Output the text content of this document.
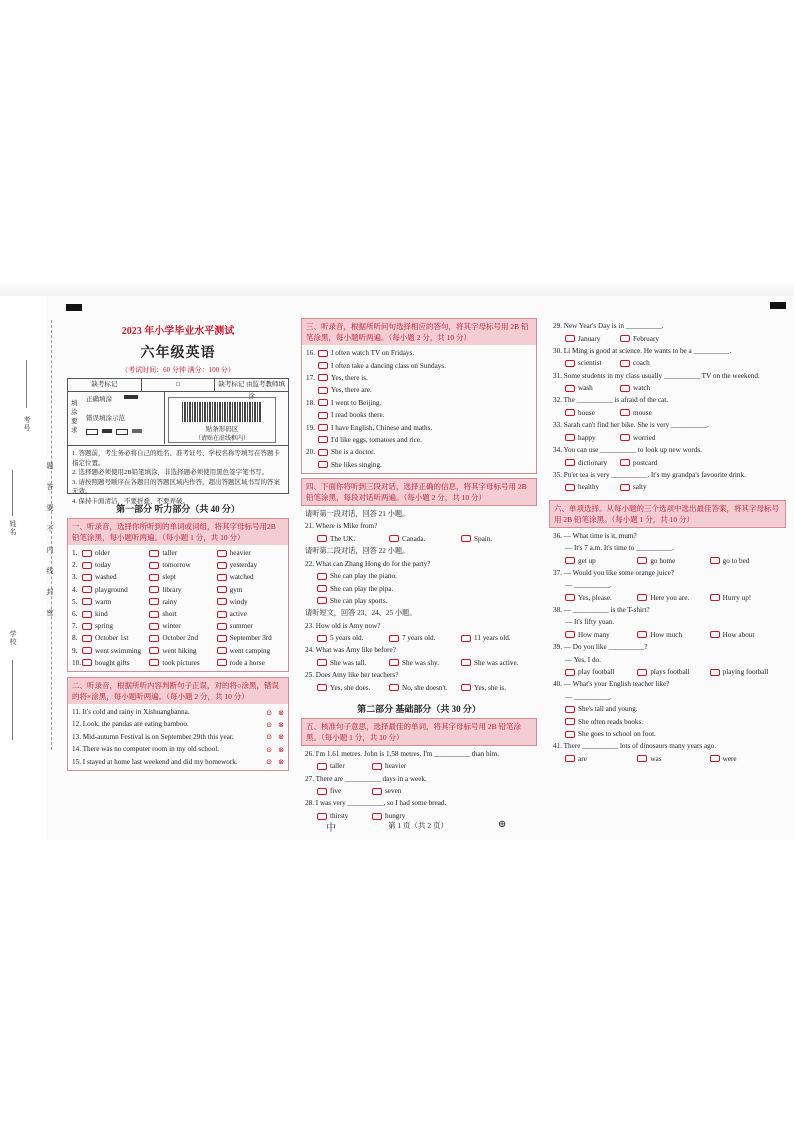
考号
姓名
学校
题答要不内线封密
2023 年小学毕业水平测试
六年级英语
（考试时间：60 分钟 满分：100 分）
缺考标记	□	缺考标记 由监考教师填涂
填涂要求
正确填涂
错误填涂示范
贴条形码区
（请贴在虚线框内）
1. 答题前，考生务必将自己的姓名、准考证号、学校名称等填写在答题卡指定位置。
2. 选择题必须使用2B铅笔填涂，非选择题必须使用黑色签字笔书写。
3. 请按照题号顺序在各题目的答题区域内作答，超出答题区域书写的答案无效。
4. 保持卡面清洁，不要折叠、不要弄破。
第一部分 听力部分（共 40 分）
一、听录音，选择你所听到的单词或词组，将其字母标号用2B 铅笔涂黑，每小题听两遍。（每小题 1 分，共 10 分）
1.	older	taller	heavier
2.	today	tomorrow	yesterday
3.	washed	slept	watched
4.	playground	library	gym
5.	warm	rainy	windy
6.	kind	short	active
7.	spring	winter	summer
8.	October 1st	October 2nd	September 3rd
9.	went swimming	went hiking	went camping
10. bought gifts	took pictures	rode a horse
二、听录音，根据所听内容判断句子正误，对的将○涂黑，错误的将×涂黑，每小题听两遍。（每小题 2 分，共 10 分）
11. It's cold and rainy in Xishuangbanna.	⊙ ⊗
12. Look, the pandas are eating bamboo.	⊙ ⊗
13. Mid-autumn Festival is on September 29th this year.	⊙ ⊗
14. There was no computer room in my old school.	⊙ ⊗
15. I stayed at home last weekend and did my homework.	⊙ ⊗
三、听录音，根据所听问句选择相应的答句，将其字母标号用 2B 铅笔涂黑，每小题听两遍。（每小题 2 分，共 10 分）
16.	I often watch TV on Fridays.
I often take a dancing class on Sundays.
17.	Yes, there is.
Yes, there are.
18.	I went to Beijing.
I read books there.
19.	I have English, Chinese and maths.
I'd like eggs, tomatoes and rice.
20.	She is a doctor.
She likes singing.
四、下面你将听到三段对话，选择正确的信息，将其字母标号用 2B 铅笔涂黑，每段对话听两遍。（每小题 2 分，共 10 分）
请听第一段对话，回答 21 小题。
21. Where is Mike from?
The UK.	Canada.	Spain.
请听第二段对话，回答 22 小题。
22. What can Zhang Hong do for the party?
She can play the piano.
She can play the pipa.
She can play sports.
请听短文，回答 23、24、25 小题。
23. How old is Amy now?
5 years old.	7 years old.	11 years old.
24. What was Amy like before?
She was tall.	She was shy.	She was active.
25. Does Amy like her teachers?
Yes, she does.	No, she doesn't.	Yes, she is.
第二部分 基础部分（共 30 分）
五、核准句子意思，选择最佳的单词，将其字母标号用 2B 铅笔涂黑。（每小题 1 分，共 10 分）
26. I'm 1.61 metres. John is 1.58 metres. I'm __________ than him.
taller	heavier
27. There are __________ days in a week.
five	seven
28. I was very __________, so I had some bread.
thirsty	hungry
中	第 1 页（共 2 页）	⊕
29. New Year's Day is in __________.
January	February
30. Li Ming is good at science. He wants to be a __________.
scientist	coach
31. Some students in my class usually __________ TV on the weekend.
wash	watch
32. The __________ is afraid of the cat.
house	mouse
33. Sarah can't find her bike. She is very __________.
happy	worried
34. You can use __________ to look up new words.
dictionary	postcard
35. Pu'er tea is very __________. It's my grandpa's favourite drink.
healthy	salty
六、单项选择。从每小题的三个选项中选出最佳答案，将其字母标号用 2B 铅笔涂黑。（每小题 1 分，共 10 分）
36. — What time is it, mum?
— It's 7 a.m. It's time to __________.
get up	go home	go to bed
37. — Would you like some orange juice?
— __________.
Yes, please.	Here you are.	Hurry up!
38. — __________ is the T-shirt?
— It's fifty yuan.
How many	How much	How about
39. — Do you like __________?
— Yes, I do.
play football	plays football	playing football
40. — What's your English teacher like?
— __________.
She's tall and young.
She often reads books.
She goes to school on foot.
41. There __________ lots of dinosaurs many years ago.
are	was	were
